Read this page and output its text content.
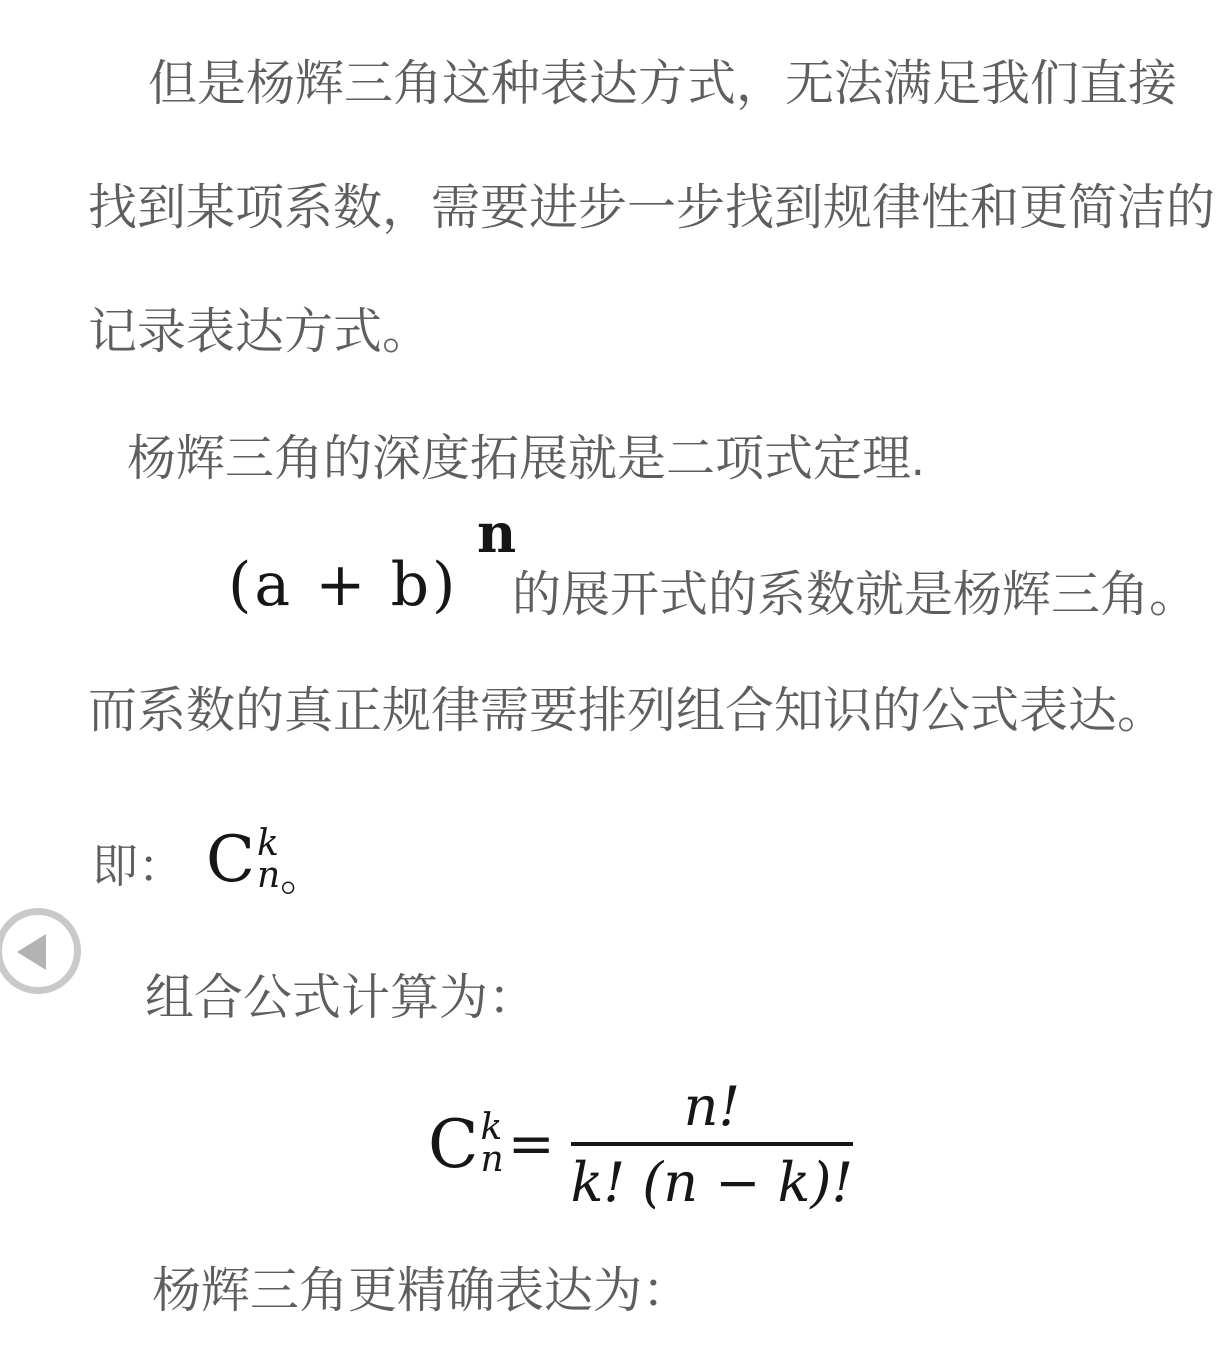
但是杨辉三角这种表达方式，无法满足我们直接
找到某项系数，需要进步一步找到规律性和更简洁的
记录表达方式。
杨辉三角的深度拓展就是二项式定理.
(a + b)
n
的展开式的系数就是杨辉三角。
而系数的真正规律需要排列组合知识的公式表达。
即： C k
n 。
组合公式计算为：
C k
$n = \frac{n!}{k! (n - k)!}$
杨辉三角更精确表达为：
